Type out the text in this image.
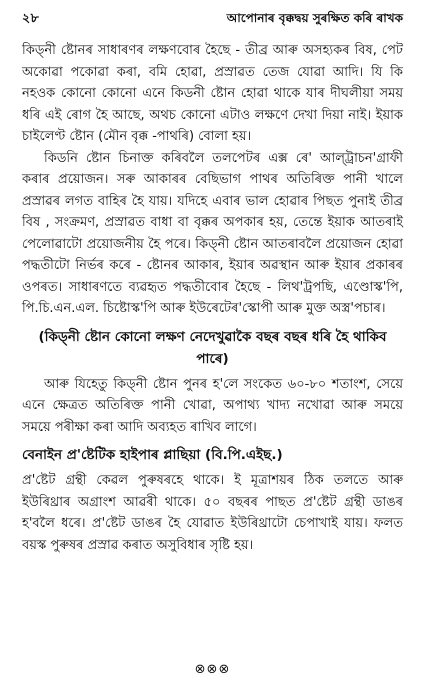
২৮	আপোনাৰ বৃক্কদ্বয় সুৰক্ষিত কৰি ৰাখক

কিড্‌নী ষ্টোনৰ সাধাৰণৰ লক্ষণবোৰ হৈছে - তীব্ৰ আৰু অসহ্যকৰ বিষ, পেট অকোৱা পকোৱা কৰা, বমি হোৱা, প্ৰস্ৰাৱত তেজ যোৱা আদি। যি কি নহওক কোনো কোনো এনে কিডনী ষ্টোন হোৱা থাকে যাৰ দীঘলীয়া সময় ধৰি এই ৰোগ হৈ আছে, অথচ কোনো এটাও লক্ষণে দেখা দিয়া নাই। ইয়াক চাইলেণ্ট ষ্টোন (মৌন বৃক্ক -পাথৰি) বোলা হয়।

কিডনি ষ্টোন চিনাক্ত কৰিবলৈ তলপেটৰ এক্স ৰে' আল্‌ট্ৰাচন'গ্ৰাফী কৰাৰ প্ৰয়োজন। সৰু আকাৰৰ বেছিভাগ পাথৰ অতিৰিক্ত পানী খালে প্ৰস্ৰাৱৰ লগত বাহিৰ হৈ যায়। যদিহে এবাৰ ভাল হোৱাৰ পিছত পুনাই তীব্ৰ বিষ , সংক্ৰমণ, প্ৰস্ৰাৱত বাধা বা বৃক্কৰ অপকাৰ হয়, তেন্তে ইয়াক আতৰাই পেলোৱাটো প্ৰয়োজনীয় হৈ পৰে। কিড্‌নী ষ্টোন আতৰাবলৈ প্ৰয়োজন হোৱা পদ্ধতীটো নিৰ্ভৰ কৰে - ষ্টোনৰ আকাৰ, ইয়াৰ অৱস্থান আৰু ইয়াৰ প্ৰকাৰৰ ওপৰত। সাধাৰণতে ব্যৱহৃত পদ্ধতীবোৰ হৈছে - লিথ'ট্ৰপছি, এণ্ডোস্ক'পি, পি.চি.এন.এল. চিষ্টোস্ক'পি আৰু ইউৰেটেৰ'স্কোপী আৰু মুক্ত অস্ত্ৰ'পচাৰ।

(কিড্‌নী ষ্টোন কোনো লক্ষণ নেদেখুৱাকৈ বছৰ বছৰ ধৰি হৈ থাকিব পাৰে)

আৰু যিহেতু কিড্‌নী ষ্টোন পুনৰ হ'লে সংকেত ৬০-৮০ শতাংশ, সেয়ে এনে ক্ষেত্ৰত অতিৰিক্ত পানী খোৱা, অপাথ্য খাদ্য নখোৱা আৰু সময়ে সময়ে পৰীক্ষা কৰা আদি অব্যহত ৰাখিব লাগে।

বেনাইন প্ৰ'ষ্টেটিক হাইপাৰ প্লাছিয়া (বি.পি.এইছ.)

প্ৰ'ষ্টেট গ্ৰন্থী কেৱল পুৰুষৰহে থাকে। ই মূত্ৰাশয়ৰ ঠিক তলতে আৰু ইউৰিথ্ৰাৰ অগ্ৰাংশ আৱৰী থাকে। ৫০ বছৰৰ পাছত প্ৰ'ষ্টেট গ্ৰন্থী ডাঙৰ হ'বলৈ ধৰে। প্ৰ'ষ্টেট ডাঙৰ হৈ যোৱাত ইউৰিথ্ৰাটো চেপাখাই যায়। ফলত বয়স্ক পুৰুষৰ প্ৰস্ৰাৱ কৰাত অসুবিধাৰ সৃষ্টি হয়।

⊗⊗⊗
